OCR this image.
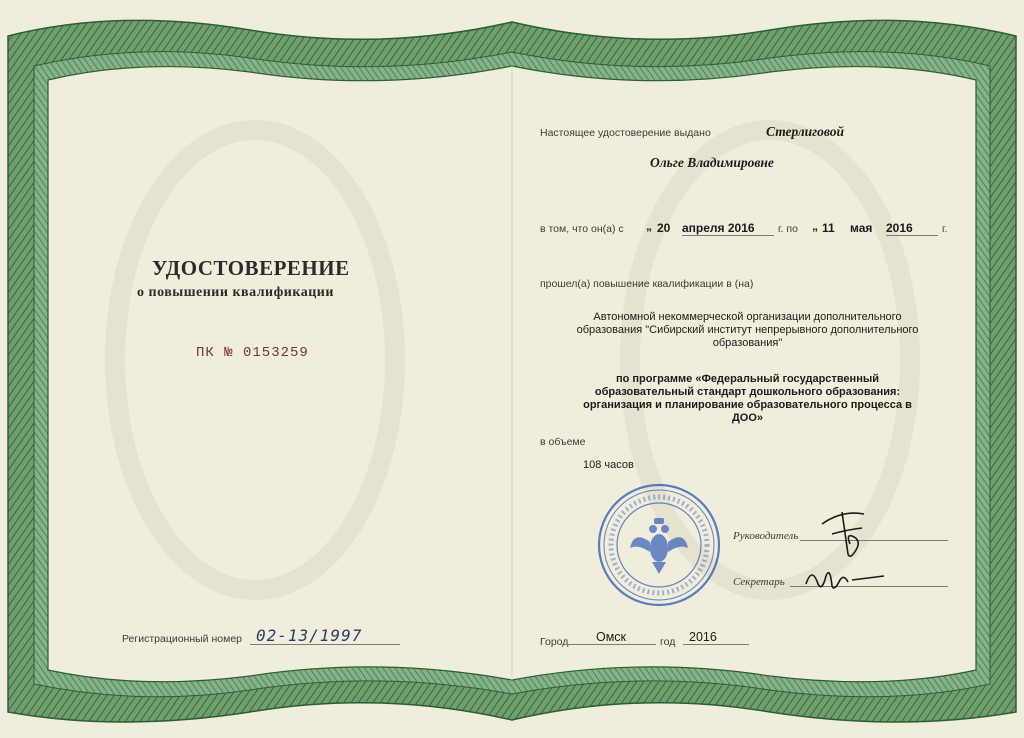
УДОСТОВЕРЕНИЕ
о повышении квалификации
ПК № 0153259
Регистрационный номер 02-13/1997
Настоящее удостоверение выдано	Стерлиговой
Ольге Владимировне
в том, что он(а) с „ 20 апреля 2016	г. по „ 11 мая	2016	г.
прошел(а) повышение квалификации в (на)
Автономной некоммерческой организации дополнительного образования "Сибирский институт непрерывного дополнительного образования"
по программе «Федеральный государственный образовательный стандарт дошкольного образования: организация и планирование образовательного процесса в ДОО»
в объеме
108 часов
Руководитель
Секретарь
Город	Омск	год	2016
